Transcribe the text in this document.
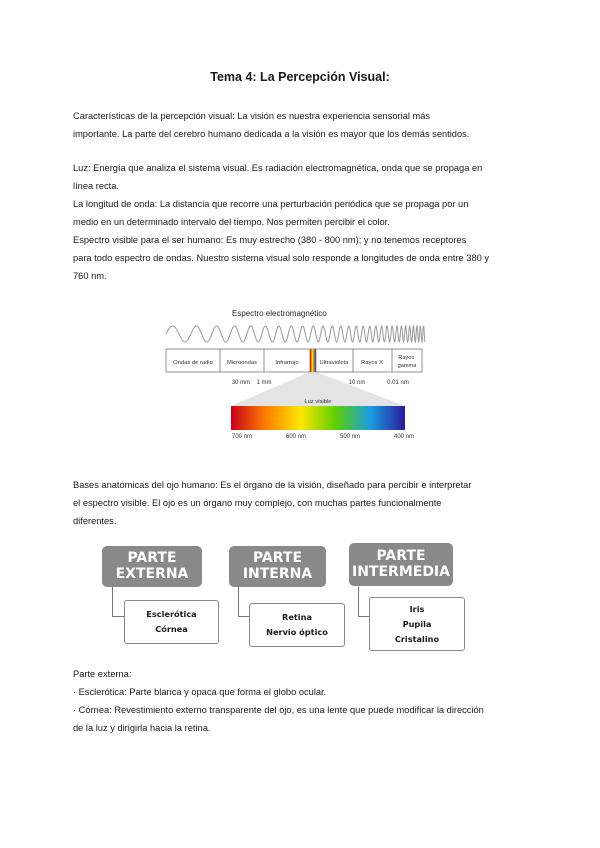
Tema 4: La Percepción Visual:

Características de la percepción visual: La visión es nuestra experiencia sensorial más

importante. La parte del cerebro humano dedicada a la visión es mayor que los demás sentidos.

Luz: Energía que analiza el sistema visual. Es radiación electromagnética, onda que se propaga en

línea recta.

La longitud de onda: La distancia que recorre una perturbación periódica que se propaga por un

medio en un determinado intervalo del tiempo. Nos permiten percibir el color.

Espectro visible para el ser humano: Es muy estrecho (380 - 800 nm); y no tenemos receptores

para todo espectro de ondas. Nuestro sistema visual solo responde a longitudes de onda entre 380 y

760 nm.

Espectro electromagnético
Ondas de radio Microondas	Infrarrojo	Ultravioleta Rayos X
Rayos gamma
30 mm 1 mm	10 nm	0.01 nm
Luz visible
700 nm	600 nm	500 nm	400 nm

Bases anatómicas del ojo humano: Es el órgano de la visión, diseñado para percibir e interpretar

el espectro visible. El ojo es un órgano muy complejo, con muchas partes funcionalmente

diferentes.

PARTE
EXTERNA
PARTE
INTERNA
PARTE
INTERMEDIA
Esclerótica
Córnea
Retina
Nervio óptico
Iris
Pupila
Cristalino

Parte externa:

· Esclerótica: Parte blanca y opaca que forma el globo ocular.

· Córnea: Revestimiento externo transparente del ojo, es una lente que puede modificar la dirección

de la luz y dirigirla hacia la retina.
